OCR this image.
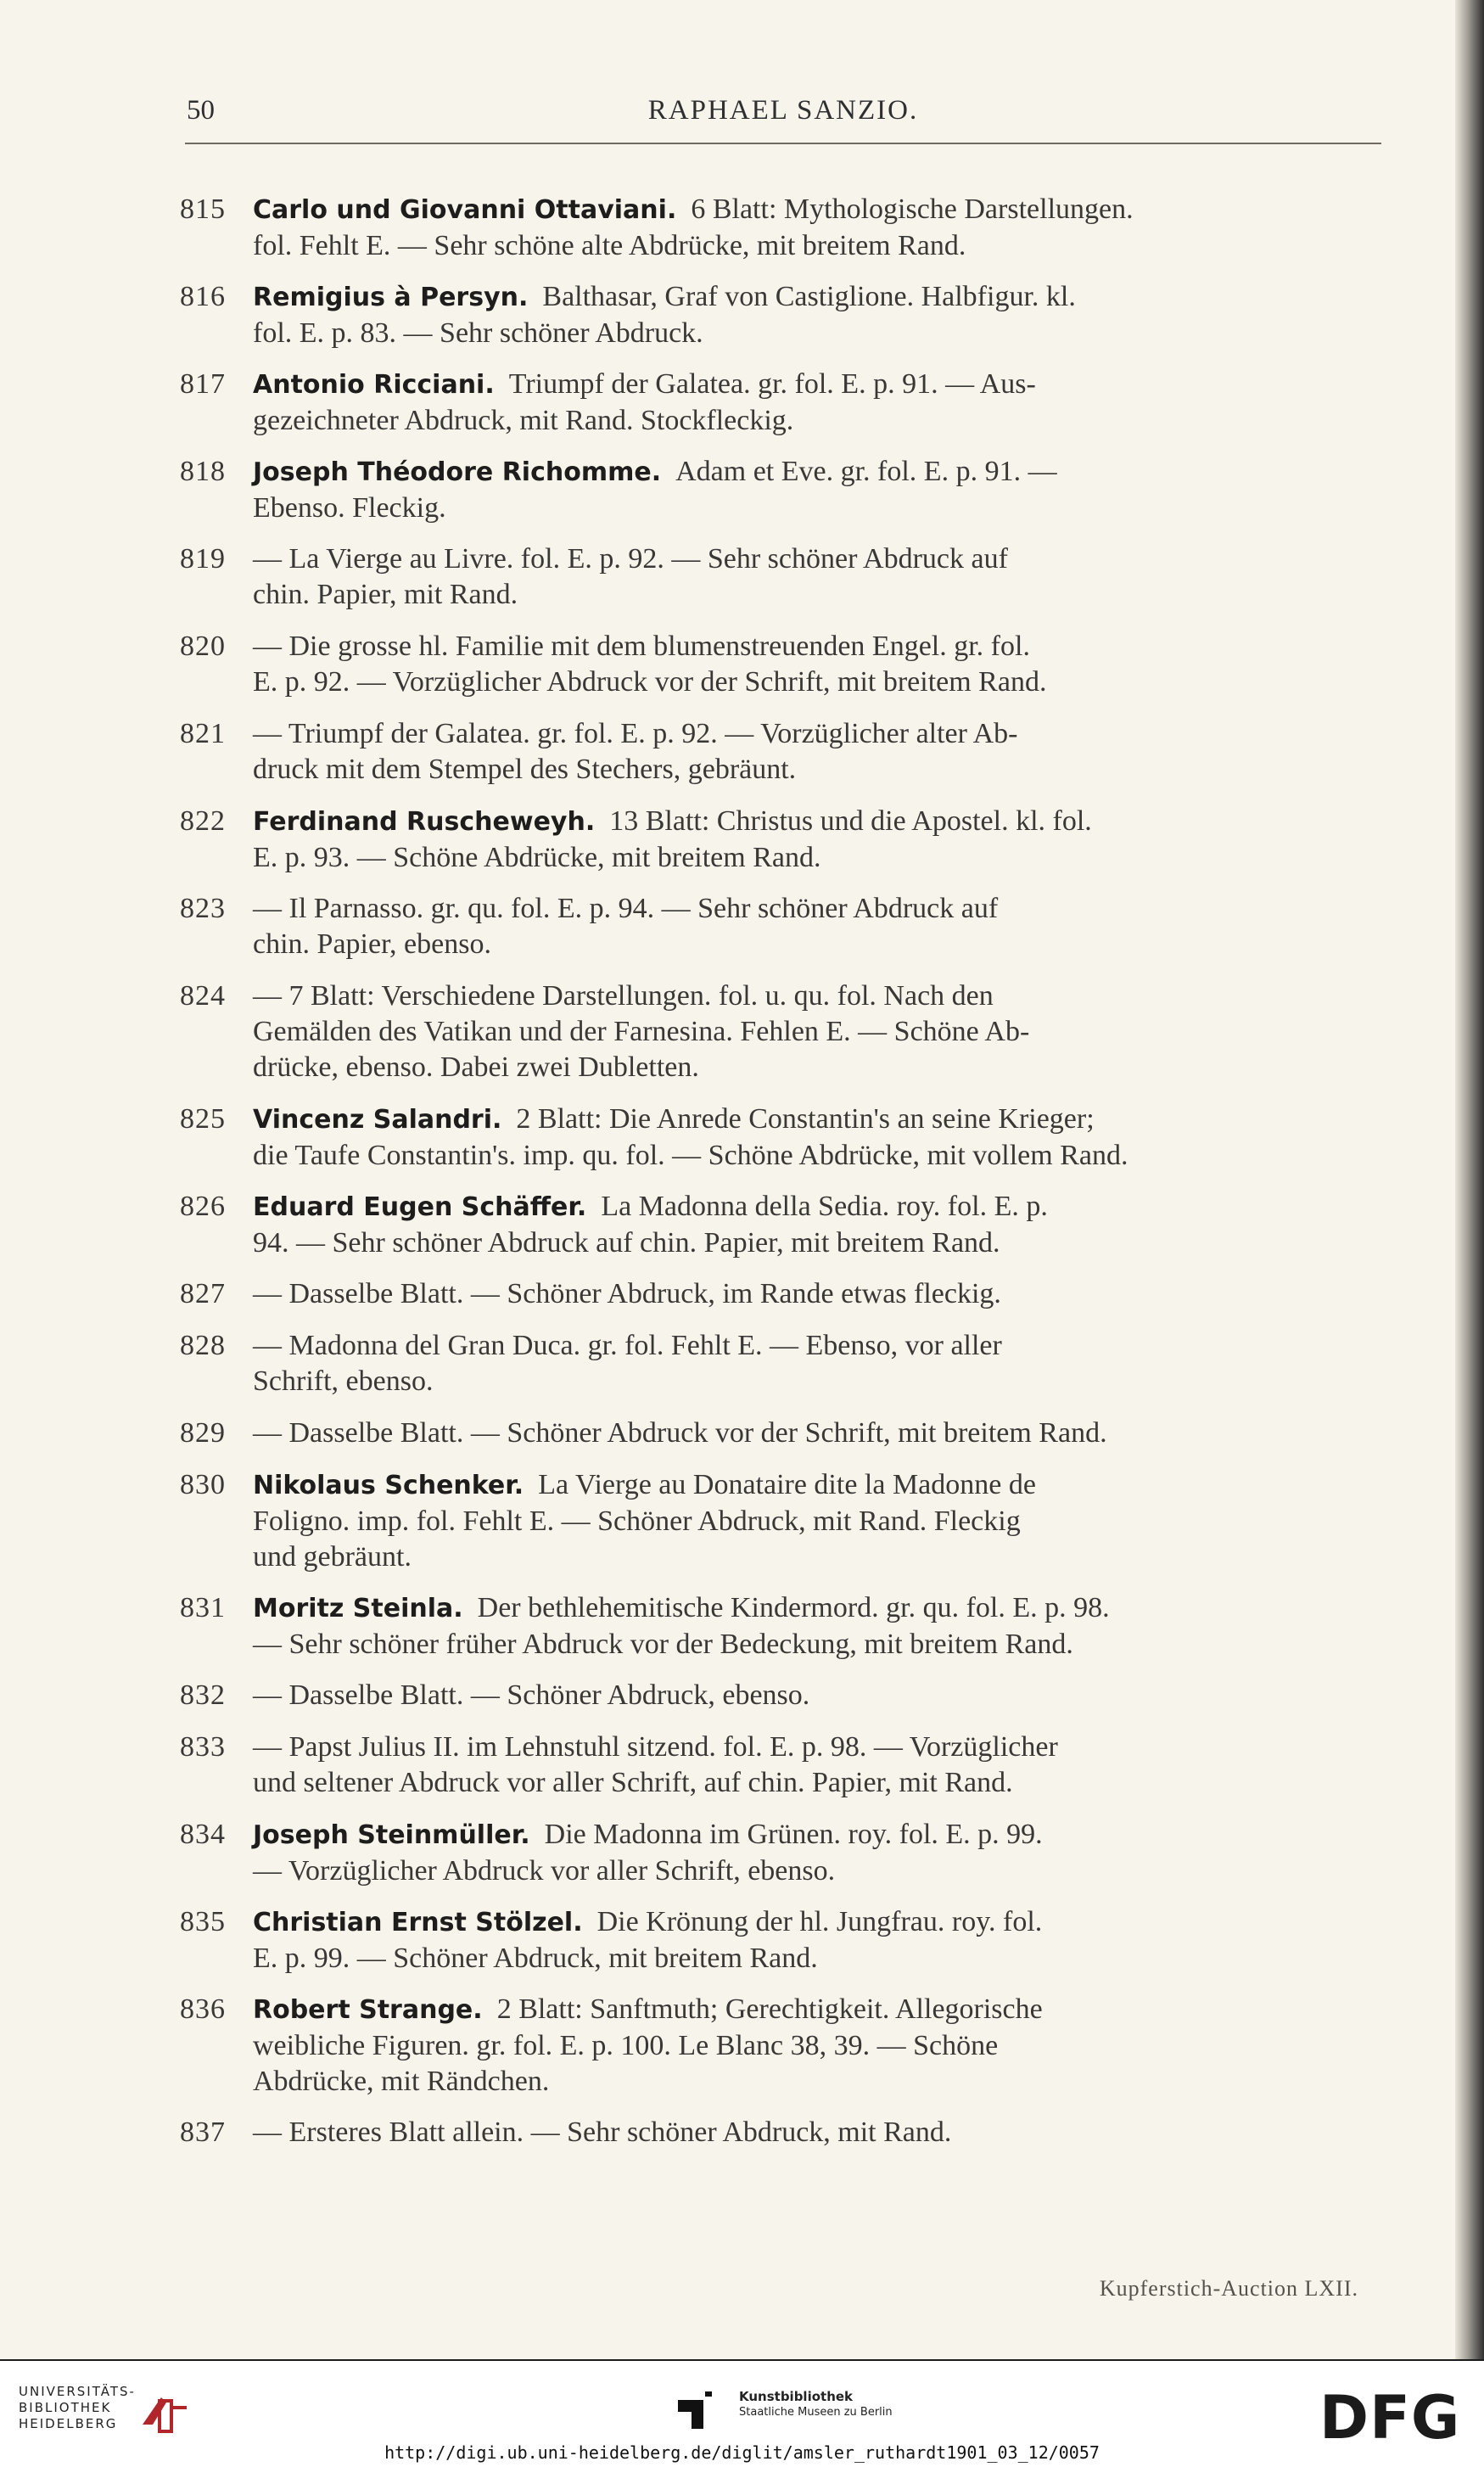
50	RAPHAEL SANZIO.
815	Carlo und Giovanni Ottaviani.  6 Blatt: Mythologische Darstellungen.
fol. Fehlt E. — Sehr schöne alte Abdrücke, mit breitem Rand.
816	Remigius à Persyn.  Balthasar, Graf von Castiglione. Halbfigur. kl.
fol. E. p. 83. — Sehr schöner Abdruck.
817	Antonio Ricciani.  Triumpf der Galatea. gr. fol. E. p. 91. — Aus-
gezeichneter Abdruck, mit Rand. Stockfleckig.
818	Joseph Théodore Richomme.  Adam et Eve. gr. fol. E. p. 91. —
Ebenso. Fleckig.
819 — La Vierge au Livre. fol. E. p. 92. — Sehr schöner Abdruck auf
chin. Papier, mit Rand.
820 — Die grosse hl. Familie mit dem blumenstreuenden Engel. gr. fol.
E. p. 92. — Vorzüglicher Abdruck vor der Schrift, mit breitem Rand.
821 — Triumpf der Galatea. gr. fol. E. p. 92. — Vorzüglicher alter Ab-
druck mit dem Stempel des Stechers, gebräunt.
822	Ferdinand Ruscheweyh.  13 Blatt: Christus und die Apostel. kl. fol.
E. p. 93. — Schöne Abdrücke, mit breitem Rand.
823 — Il Parnasso. gr. qu. fol. E. p. 94. — Sehr schöner Abdruck auf
chin. Papier, ebenso.
824 — 7 Blatt: Verschiedene Darstellungen. fol. u. qu. fol. Nach den
Gemälden des Vatikan und der Farnesina. Fehlen E. — Schöne Ab-
drücke, ebenso. Dabei zwei Dubletten.
825	Vincenz Salandri.  2 Blatt: Die Anrede Constantin's an seine Krieger;
die Taufe Constantin's. imp. qu. fol. — Schöne Abdrücke, mit vollem Rand.
826	Eduard Eugen Schäffer.  La Madonna della Sedia. roy. fol. E. p.
94. — Sehr schöner Abdruck auf chin. Papier, mit breitem Rand.
827 — Dasselbe Blatt. — Schöner Abdruck, im Rande etwas fleckig.
828 — Madonna del Gran Duca. gr. fol. Fehlt E. — Ebenso, vor aller
Schrift, ebenso.
829 — Dasselbe Blatt. — Schöner Abdruck vor der Schrift, mit breitem Rand.
830	Nikolaus Schenker.  La Vierge au Donataire dite la Madonne de
Foligno. imp. fol. Fehlt E. — Schöner Abdruck, mit Rand. Fleckig
und gebräunt.
831	Moritz Steinla.  Der bethlehemitische Kindermord. gr. qu. fol. E. p. 98.
— Sehr schöner früher Abdruck vor der Bedeckung, mit breitem Rand.
832 — Dasselbe Blatt. — Schöner Abdruck, ebenso.
833 — Papst Julius II. im Lehnstuhl sitzend. fol. E. p. 98. — Vorzüglicher
und seltener Abdruck vor aller Schrift, auf chin. Papier, mit Rand.
834	Joseph Steinmüller.  Die Madonna im Grünen. roy. fol. E. p. 99.
— Vorzüglicher Abdruck vor aller Schrift, ebenso.
835	Christian Ernst Stölzel.  Die Krönung der hl. Jungfrau. roy. fol.
E. p. 99. — Schöner Abdruck, mit breitem Rand.
836	Robert Strange.  2 Blatt: Sanftmuth; Gerechtigkeit. Allegorische
weibliche Figuren. gr. fol. E. p. 100. Le Blanc 38, 39. — Schöne
Abdrücke, mit Rändchen.
837 — Ersteres Blatt allein. — Sehr schöner Abdruck, mit Rand.
Kupferstich-Auction LXII.
UNIVERSITÄTS-
BIBLIOTHEK
HEIDELBERG
Kunstbibliothek
Staatliche Museen zu Berlin	DFG
http://digi.ub.uni-heidelberg.de/diglit/amsler_ruthardt1901_03_12/0057
